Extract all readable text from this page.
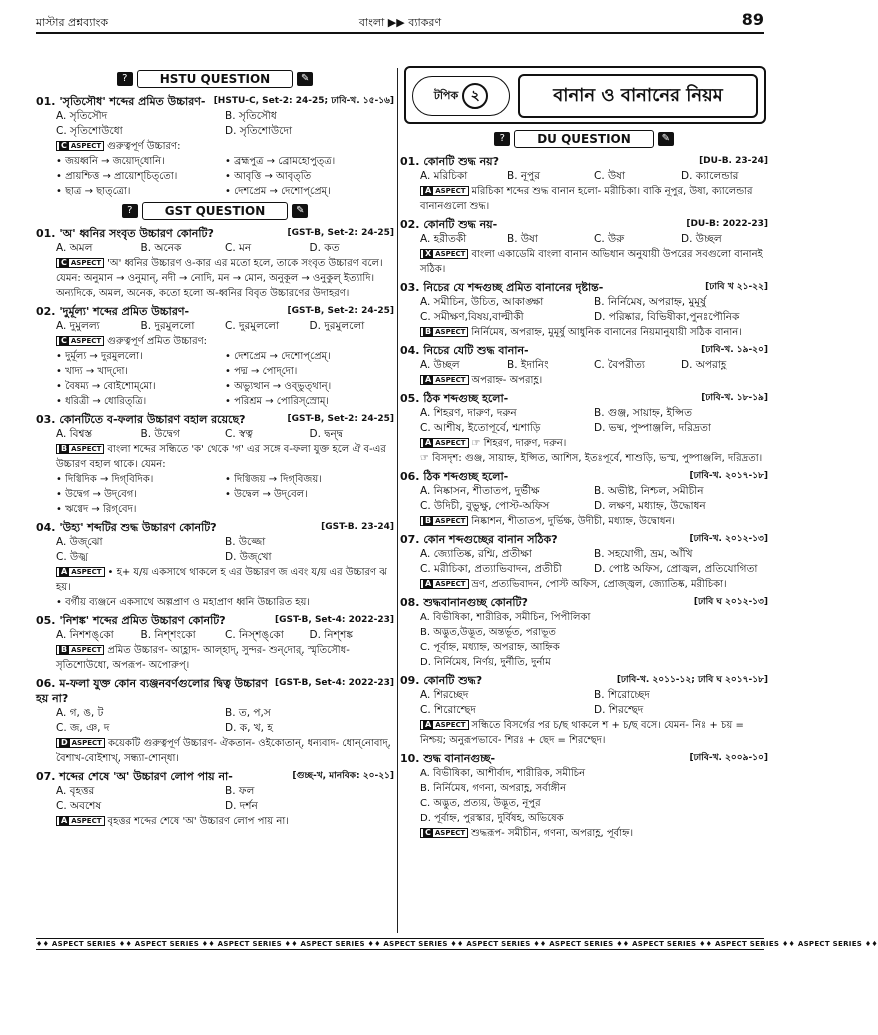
মাস্টার প্রশ্নব্যাংক	বাংলা ▶▶ ব্যাকরণ	89
টপিক ২	বানান ও বানানের নিয়ম
?	HSTU QUESTION	✎
01. 'সৃতিসৌধ' শব্দের প্রমিত উচ্চারণ- [HSTU-C, Set-2: 24-25; ঢাবি-খ. ১৫-১৬]
A. সৃতিসৌদ	B. সৃতিসৌধ
C. সৃতিশোউধো	D. সৃতিশোউদো
C ASPECT গুরুত্বপূর্ণ উচ্চারণ:
• জয়ধ্বনি → জয়োদ্‌ধোনি।	• ব্রহ্মপুত্র → ব্রোমহোপুত্‌ত্র।
• প্রায়শ্চিত্ত → প্রায়োশ্‌চিত্‌তো।	• আবৃত্তি → আবৃত্‌তি
• ছাত্র → ছাত্‌ত্রো।	• দেশপ্রেম → দেশোপ্‌প্রেম্‌।
?	GST QUESTION	✎
01. 'অ' ধ্বনির সংবৃত উচ্চারণ কোনটি?	[GST-B, Set-2: 24-25]
A. অমল	B. অনেক	C. মন	D. কত
C ASPECT 'অ' ধ্বনির উচ্চারণ ও-কার এর মতো হলে, তাকে সংবৃত উচ্চারণ বলে। যেমন: অনুমান → ওনুমান্‌, নদী → নোদি, মন → মোন, অনুকূল → ওনুকুল্‌ ইত্যাদি। অন্যদিকে, অমল, অনেক, কতো হলো অ-ধ্বনির বিবৃত উচ্চারণের উদাহরণ।
02. 'দুর্মূল্য' শব্দের প্রমিত উচ্চারণ-	[GST-B, Set-2: 24-25]
A. দুমুলল্য	B. দুরমুললো	C. দুরমুললো	D. দুরমুললো
C ASPECT গুরুত্বপূর্ণ প্রমিত উচ্চারণ:
• দুর্মূল্য → দুরমুললো।	• দেশপ্রেম → দেশোপ্‌প্রেম্‌।
• খাদ্য → খাদ্‌দো।	• পদ্ম → পোদ্‌দো।
• বৈষম্য → বোইশোম্‌মো।	• অভ্যুত্থান → ওব্‌ভুত্‌থান্‌।
• ধরিত্রী → ধোরিত্‌ত্রি।	• পরিশ্রম → পোরিস্‌স্রোম্‌।
03. কোনটিতে ব-ফলার উচ্চারণ বহাল রয়েছে?	[GST-B, Set-2: 24-25]
A. বিশ্বস্ত	B. উদ্বেগ	C. স্বত্ব	D. দ্বন্দ্ব
B ASPECT বাংলা শব্দের সন্ধিতে 'ক' থেকে 'গ' এর সঙ্গে ব-ফলা যুক্ত হলে ঐ ব-এর উচ্চারণ বহাল থাকে। যেমন:
• দিগ্বিদিক → দিগ্‌বিদিক।	• দিগ্বিজয় → দিগ্‌বিজয়।
• উদ্বেগ → উদ্‌বেগ।	• উদ্বেল → উদ্‌বেল।
• ঋগ্বেদ → রিগ্‌বেদ।
04. 'উহ্য' শব্দটির শুদ্ধ উচ্চারণ কোনটি?	[GST-B. 23-24]
A. উজ্‌ঝো	B. উজ্জো
C. উজ্ঝ	D. উজ্‌খো
A ASPECT • হ+ য/য় একসাথে থাকলে হ এর উচ্চারণ জ এবং য/য় এর উচ্চারণ ঝ হয়।
• বর্গীয় ব্যঞ্জনে একসাথে অল্পপ্রাণ ও মহাপ্রাণ ধ্বনি উচ্চারিত হয়।
05. 'নিশঙ্ক' শব্দের প্রমিত উচ্চারণ কোনটি?	[GST-B, Set-4: 2022-23]
A. নিশশঙ্‌কো	B. নিশ্‌শংকো	C. নিস্‌শঙ্‌কো	D. নিশ্‌শঙ্ক
B ASPECT প্রমিত উচ্চারণ- আহ্লাদ- আল্‌হাদ্‌, সুন্দর- শুন্‌দোর্‌, স্মৃতিসৌধ- সৃতিশোউধো, অপরূপ- অপোরুপ্‌।
06. ম-ফলা যুক্ত কোন ব্যঞ্জনবর্ণগুলোর দ্বিত্ব উচ্চারণ হয় না?
[GST-B, Set-4: 2022-23]
A. গ, ঙ, ট	B. ত, প,স
C. জ, ঞ, দ	D. ক, খ, হ
D ASPECT কয়েকটি গুরুত্বপূর্ণ উচ্চারণ- ঐকতান- ওইকোতান্‌, ধন্যবাদ- ধোন্‌নোবাদ্‌, বৈশাখ-বোইশাখ্‌, সন্ধ্যা-শোন্‌ধা।
07. শব্দের শেষে 'অ' উচ্চারণ লোপ পায় না-	[গুচ্ছ-খ, মানবিক: ২০-২১]
A. বৃহত্তর	B. ফল
C. অবশেষ	D. দর্শন
A ASPECT বৃহত্তর শব্দের শেষে 'অ' উচ্চারণ লোপ পায় না।
?	DU QUESTION	✎
01. কোনটি শুদ্ধ নয়?	[DU-B. 23-24]
A. মরিচিকা	B. নূপুর	C. উষা	D. ক্যালেন্ডার
A ASPECT মরিচিকা শব্দের শুদ্ধ বানান হলো- মরীচিকা। বাকি নূপুর, উষা, ক্যালেন্ডার বানানগুলো শুদ্ধ।
02. কোনটি শুদ্ধ নয়-	[DU-B: 2022-23]
A. হরীতকী	B. উষা	C. উরু	D. উচ্ছল
X ASPECT বাংলা একাডেমি বাংলা বানান অভিধান অনুযায়ী উপরের সবগুলো বানানই সঠিক।
03. নিচের যে শব্দগুচ্ছ প্রমিত বানানের দৃষ্টান্ত-	[ঢাবি খ ২১-২২]
A. সমীচিন, উচিত, আকাঙ্ক্ষা	B. নির্নিমেষ, অপরাহ্ন, মুমূর্ষু
C. সমীক্ষণ,বিষয়,বাল্মীকী	D. পরিষ্কার, বিভিষীকা,পুনঃপৌনিক
B ASPECT নির্নিমেষ, অপরাহ্ন, মুমূর্ষু আধুনিক বানানের নিয়মানুযায়ী সঠিক বানান।
04. নিচের যেটি শুদ্ধ বানান-	[ঢাবি-খ. ১৯-২০]
A. উচ্ছল	B. ইদানিং	C. বৈপরীত্য	D. অপরাহ্ণ
A ASPECT অপরাহ্ন- অপরাহ্ণ।
05. ঠিক শব্দগুচ্ছ হলো-	[ঢাবি-খ. ১৮-১৯]
A. শিহরণ, দারুণ, দরুন	B. গুঞ্জ, সায়াহ্ন, ইপ্সিত
C. আশীষ, ইতোপূর্বে, শ্মশাড়ি	D. ভষ্ম, পুষ্পাঞ্জলি, দরিদ্রতা
A ASPECT ☞ শিহরণ, দারুণ, দরুন।
☞ বিসদৃশ: গুঞ্জ, সায়াহ্ন, ইপ্সিত, আশিস, ইতঃপূর্বে, শাশুড়ি, ভস্ম, পুষ্পাঞ্জলি, দরিদ্রতা।
06. ঠিক শব্দগুচ্ছ হলো-	[ঢাবি-খ. ২০১৭-১৮]
A. নিষ্কাসন, শীতাতপ, দুর্ভীক্ষ	B. অভীষ্ট, নিশ্চল, সমীচীন
C. উদিচী, বুভুক্ষু, পোস্ট-অফিস	D. লক্ষণ, মধ্যাহ্ন, উদ্ধোধন
B ASPECT নিষ্কাশন, শীতাতপ, দুর্ভিক্ষ, উদীচী, মধ্যাহ্ন, উদ্বোধন।
07. কোন শব্দগুচ্ছের বানান সঠিক?	[ঢাবি-খ. ২০১২-১৩]
A. জ্যোতিষ্ক, রশ্মি, প্রতীক্ষা	B. সহযোগী, ভ্রম, আঁখি
C. মরীচিকা, প্রত্যাভিবাদন, প্রতীচী	D. পোষ্ট অফিস, প্রোজ্বল, প্রতিযোগিতা
A ASPECT ভ্রণ, প্রত্যভিবাদন, পোস্ট অফিস, প্রোজ্জ্বল, জ্যোতিষ্ক, মরীচিকা।
08. শুদ্ধবানানগুচ্ছ কোনটি?	[ঢাবি ঘ ২০১২-১৩]
A. বিভীষিকা, শারীরিক, সমীচিন, পিপীলিকা
B. অদ্ভুত,উদ্ভূত, অন্তর্ভূত, পরাভূত
C. পূর্বাহ্ন, মধ্যাহ্ন, অপরাহ্ন, আহ্নিক
D. নির্নিমেষ, নির্ণয়, দুর্নীতি, দুর্নাম
09. কোনটি শুদ্ধ?	[ঢাবি-খ. ২০১১-১২; ঢাবি ঘ ২০১৭-১৮]
A. শিরচ্ছেদ	B. শিরোচ্ছেদ
C. শিরোশ্ছেদ	D. শিরশ্ছেদ
A ASPECT সন্ধিতে বিসর্গের পর চ/ছ থাকলে শ + চ/ছ বসে। যেমন- নিঃ + চয় = নিশ্চয়; অনুরূপভাবে- শিরঃ + ছেদ = শিরশ্ছেদ।
10. শুদ্ধ বানানগুচ্ছ-	[ঢাবি-খ. ২০০৯-১০]
A. বিভীষিকা, আশীর্বাদ, শারীরিক, সমীচিন
B. নির্নিমেষ, গণনা, অপরাহ্ণ, সর্বাঙ্গীন
C. অদ্ভুত, প্রত্যয়, উদ্ভূত, নূপুর
D. পূর্বাহ্ন, পুরস্কার, দুর্বিষহ, অভিষেক
C ASPECT শুদ্ধরূপ- সমীচীন, গণনা, অপরাহ্ণ, পূর্বাহ্ন।
♦♦ ASPECT SERIES ♦♦ ASPECT SERIES ♦♦ ASPECT SERIES ♦♦ ASPECT SERIES ♦♦ ASPECT SERIES ♦♦ ASPECT SERIES ♦♦ ASPECT SERIES ♦♦ ASPECT SERIES ♦♦ ASPECT SERIES ♦♦ ASPECT SERIES ♦♦
